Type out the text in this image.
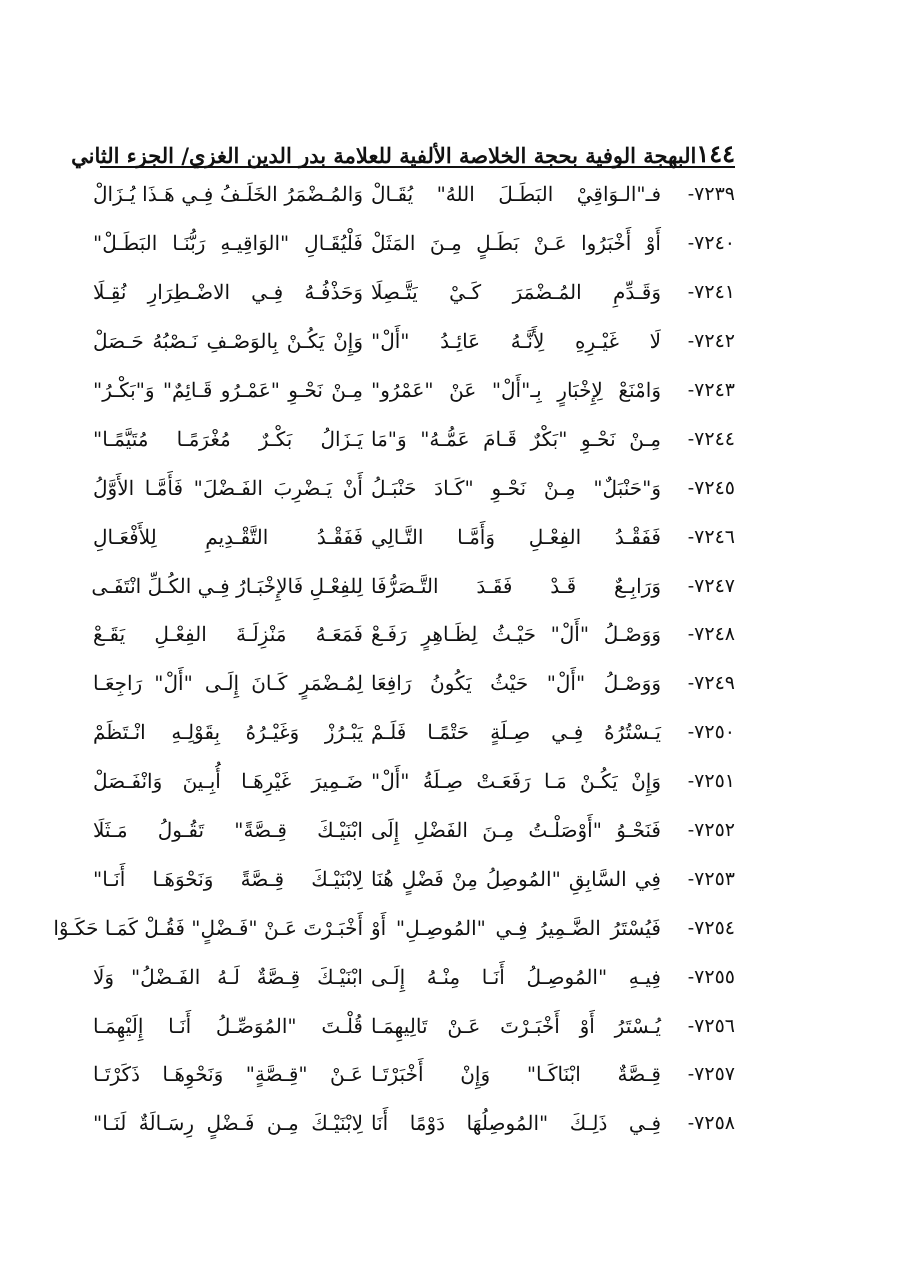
١٤٤
البهجة الوفية بحجة الخلاصة الألفية للعلامة بدر الدين الغزي/ الجزء الثاني
٧٢٣٩-
فـ"الـوَاقِيْ البَطَـلَ اللهُ" يُقَـالْ
وَالمُـضْمَرُ الخَلَـفُ فِـي هَـذَا يُـزَالْ
٧٢٤٠-
أَوْ أَخْبَرُوا عَـنْ بَطَـلٍ مِـنَ المَثَلْ
فَلْيُقَـالِ "الوَاقِيـهِ رَبُّنَـا البَطَـلْ"
٧٢٤١-
وَقَـدِّمِ المُـضْمَرَ كَـيْ يَتَّـصِلَا
وَحَذْفُـهُ فِـي الاضْـطِرَارِ نُقِـلَا
٧٢٤٢-
لَا غَيْـرِهِ لِأَنَّـهُ عَائِـدُ "أَلْ"
وَإِنْ يَكُـنْ بِالوَصْـفِ نَـصْبُهُ حَـصَلْ
٧٢٤٣-
وَامْنَعْ لِإِخْبَارٍ بِـ"أَلْ" عَنْ "عَمْرُو"
مِـنْ نَحْـوِ "عَمْـرُو قَـائِمٌ" وَ"بَكْـرُ"
٧٢٤٤-
مِـنْ نَحْـوِ "بَكْرٌ قَـامَ عَمُّـهُ" وَ"مَا
يَـزَالُ بَكْـرٌ مُغْرَمًـا مُتَيَّمًـا"
٧٢٤٥-
وَ"حَنْبَلٌ" مِـنْ نَحْـوِ "كَـادَ حَنْبَـلُ
أَنْ يَـضْرِبَ الفَـضْلَ" فَأَمَّـا الأَوَّلُ
٧٢٤٦-
فَفَقْـدُ الفِعْـلِ وَأَمَّـا التَّـالِي
فَفَقْـدُ التَّقْـدِيمِ لِلأَفْعَـالِ
٧٢٤٧-
وَرَابِـعٌ قَـدْ فَقَـدَ التَّـصَرُّفَا
لِلفِعْـلِ فَالإِخْبَـارُ فِـي الكُـلِّ انْتَفَـى
٧٢٤٨-
وَوَصْـلُ "أَلْ" حَيْـثُ لِظَـاهِرٍ رَفَـعْ
فَمَعَـهُ مَنْزِلَـةَ الفِعْـلِ يَقَـعْ
٧٢٤٩-
وَوَصْـلُ "أَلْ" حَيْثُ يَكُونُ رَافِعَا
لِمُـضْمَرٍ كَـانَ إِلَـى "أَلْ" رَاجِعَـا
٧٢٥٠-
يَـسْتُرُهُ فِـي صِـلَةٍ حَتْمًـا فَلَـمْ
يَبْـرُزْ وَغَيْـرُهُ بِقَوْلِـهِ انْـتَظَمْ
٧٢٥١-
وَإِنْ يَكُـنْ مَـا رَفَعَـتْ صِـلَةُ "أَلْ"
ضَـمِيرَ غَيْرِهَـا أُبِـينَ وَانْفَـصَلْ
٧٢٥٢-
فَنَحْـوُ "أَوْصَلْـتُ مِـنَ الفَضْلِ إِلَى
ابْنَيْـكَ قِـصَّةً" تَقُـولُ مَـثَلَا
٧٢٥٣-
فِي السَّابِقِ "المُوصِلُ مِنْ فَضْلٍ هُنَا
لِابْنَيْـكَ قِـصَّةً وَنَحْوَهَـا أَنَـا"
٧٢٥٤-
فَيُسْتَرُ الضَّـمِيرُ فِـي "المُوصِـلِ" أَوْ
أَخْبَـرْتَ عَـنْ "فَـضْلٍ" فَقُـلْ كَمَـا حَكَـوْا
٧٢٥٥-
فِيـهِ "المُوصِـلُ أَنَـا مِنْـهُ إِلَـى
ابْنَيْـكَ قِـصَّةٌ لَـهُ الفَـضْلُ" وَلَا
٧٢٥٦-
يُـسْتَرُ أَوْ أَخْبَـرْتَ عَـنْ تَالِيهِمَـا
قُلْـتَ "المُوَصِّـلُ أَنَـا إِلَيْهِمَـا
٧٢٥٧-
قِـصَّةٌ ابْنَاكَـا" وَإِنْ أَخْبَرْتَـا
عَـنْ "قِـصَّةٍ" وَنَحْوِهَـا ذَكَرْتَـا
٧٢٥٨-
فِـي ذَلِـكَ "المُوصِلُهَا دَوْمًا أَنَا
لِابْنَيْـكَ مِـن فَـضْلٍ رِسَـالَةٌ لَنَـا"
